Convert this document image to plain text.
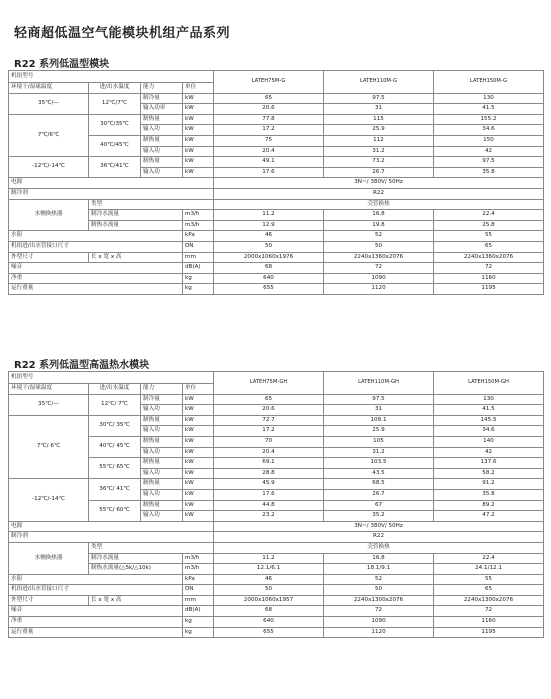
轻商超低温空气能模块机组产品系列
R22 系列低温型模块
机组型号				LATEH75M-G	LATEH110M-G	LATEH150M-G
环境干/湿球温度	进/出水温度	能力	单位			
35℃/—	12℃/7℃	制冷量	kW	65	97.5	130
		输入功率	kW	20.6	31	41.5
7℃/6℃	30℃/35℃	制热量	kW	77.8	115	155.2
		输入功	kW	17.2	25.9	34.6
	40℃/45℃	制热量	kW	75	112	150
		输入功	kW	20.4	31.2	42
-12℃/-14℃	36℃/41℃	制热量	kW	49.1	73.2	97.5
		输入功	kW	17.6	26.7	35.8
电源				3N~/ 380V/ 50Hz		
制冷剂				R22		
水侧换热器	类型			壳管换热		
	制冷水流量		m3/h	11.2	16.8	22.4
	制热水流量		m3/h	12.9	19.8	25.8
水阻			kPa	46	52	55
机组进/出水管接口尺寸			DN	50	50	65
外型尺寸	长 x 宽 x 高		mm	2000x1060x1976	2240x1360x2076	2240x1360x2076
噪音			dB(A)	68	72	72
净重			kg	640	1090	1160
运行重量			kg	655	1120	1195
R22 系列低温型高温热水模块
机组型号				LATEH75M-GH	LATEH110M-GH	LATEH150M-GH
环境干/湿球温度	进/出水温度	能力	单位			
35℃/—	12℃/ 7℃	制冷量	kW	65	97.5	130
		输入功	kW	20.6	31	41.5
7℃/ 6℃	30℃/ 35℃	制热量	kW	72.7	108.1	145.5
		输入功	kW	17.2	25.9	34.6
	40℃/ 45℃	制热量	kW	70	105	140
		输入功	kW	20.4	31.2	42
	55℃/ 65℃	制热量	kW	69.1	103.5	137.6
		输入功	kW	28.8	43.5	58.2
-12℃/-14℃	36℃/ 41℃	制热量	kW	45.9	68.5	91.2
		输入功	kW	17.6	26.7	35.8
	55℃/ 60℃	制热量	kW	44.8	67	89.2
		输入功	kW	23.2	35.2	47.2
电源				3N~/ 380V/ 50Hz		
制冷剂				R22		
水侧换热器	类型			壳管换热		
	制冷水流量		m3/h	11.2	16.8	22.4
	制热水流量(△5k/△10k)		m3/h	12.1/6.1	18.1/9.1	24.1/12.1
水阻			kPa	46	52	55
机组进/出水管接口尺寸			DN	50	50	65
外型尺寸	长 x 宽 x 高		mm	2000x1060x1957	2240x1300x2076	2240x1300x2076
噪音			dB(A)	68	72	72
净重			kg	640	1090	1160
运行重量			kg	655	1120	1195
